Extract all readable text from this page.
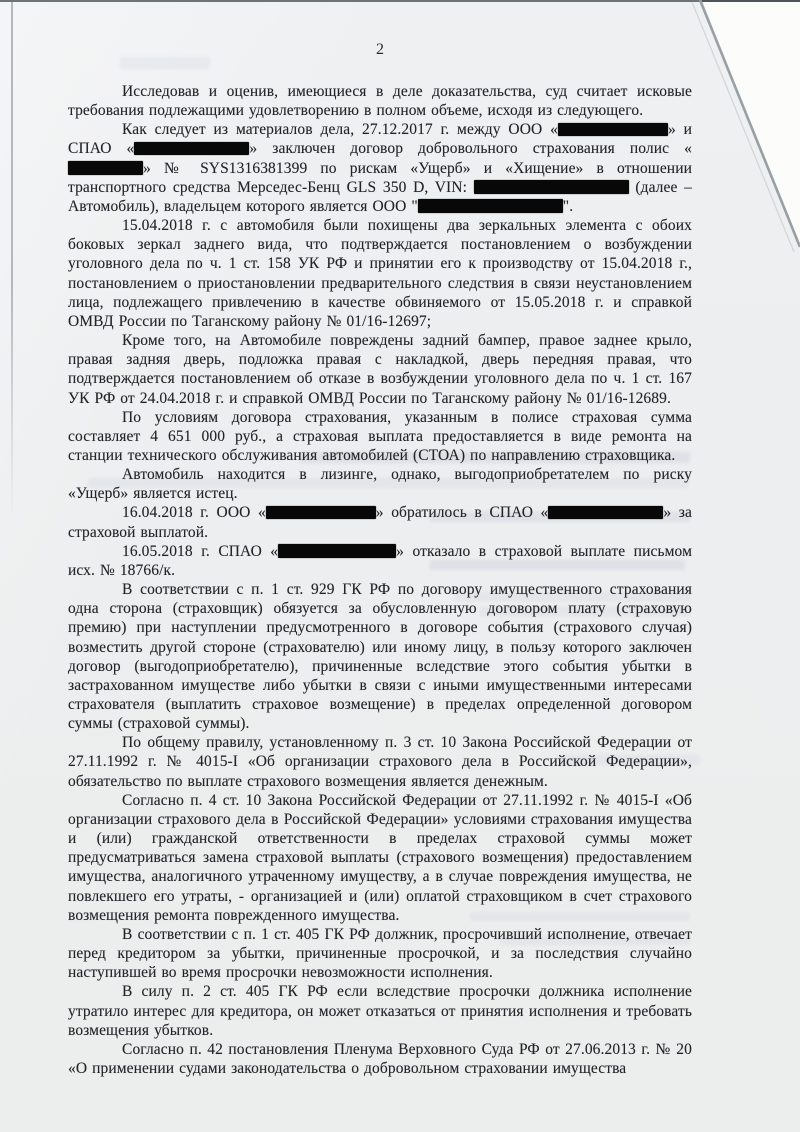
2

Исследовав и оценив, имеющиеся в деле доказательства, суд считает исковые требования подлежащими удовлетворению в полном объеме, исходя из следующего.

Как следует из материалов дела, 27.12.2017 г. между ООО «	» и СПАО «	» заключен договор добровольного страхования полис «» № SYS1316381399 по рискам «Ущерб» и «Хищение» в отношении транспортного средства Мерседес-Бенц GLS 350 D, VIN:	(далее – Автомобиль), владельцем которого является ООО "	".

15.04.2018 г. с автомобиля были похищены два зеркальных элемента с обоих боковых зеркал заднего вида, что подтверждается постановлением о возбуждении уголовного дела по ч. 1 ст. 158 УК РФ и принятии его к производству от 15.04.2018 г., постановлением о приостановлении предварительного следствия в связи неустановлением лица, подлежащего привлечению в качестве обвиняемого от 15.05.2018 г. и справкой ОМВД России по Таганскому району № 01/16-12697;

Кроме того, на Автомобиле повреждены задний бампер, правое заднее крыло, правая задняя дверь, подложка правая с накладкой, дверь передняя правая, что подтверждается постановлением об отказе в возбуждении уголовного дела по ч. 1 ст. 167 УК РФ от 24.04.2018 г. и справкой ОМВД России по Таганскому району № 01/16-12689.

По условиям договора страхования, указанным в полисе страховая сумма составляет 4 651 000 руб., а страховая выплата предоставляется в виде ремонта на станции технического обслуживания автомобилей (СТОА) по направлению страховщика.

Автомобиль находится в лизинге, однако, выгодоприобретателем по риску «Ущерб» является истец.

16.04.2018 г. ООО «	» обратилось в СПАО «	» за страховой выплатой.

16.05.2018 г. СПАО «	» отказало в страховой выплате письмом исх. № 18766/к.

В соответствии с п. 1 ст. 929 ГК РФ по договору имущественного страхования одна сторона (страховщик) обязуется за обусловленную договором плату (страховую премию) при наступлении предусмотренного в договоре события (страхового случая) возместить другой стороне (страхователю) или иному лицу, в пользу которого заключен договор (выгодоприобретателю), причиненные вследствие этого события убытки в застрахованном имуществе либо убытки в связи с иными имущественными интересами страхователя (выплатить страховое возмещение) в пределах определенной договором суммы (страховой суммы).

По общему правилу, установленному п. 3 ст. 10 Закона Российской Федерации от 27.11.1992 г. № 4015-I «Об организации страхового дела в Российской Федерации», обязательство по выплате страхового возмещения является денежным.

Согласно п. 4 ст. 10 Закона Российской Федерации от 27.11.1992 г. № 4015-I «Об организации страхового дела в Российской Федерации» условиями страхования имущества и (или) гражданской ответственности в пределах страховой суммы может предусматриваться замена страховой выплаты (страхового возмещения) предоставлением имущества, аналогичного утраченному имуществу, а в случае повреждения имущества, не повлекшего его утраты, - организацией и (или) оплатой страховщиком в счет страхового возмещения ремонта поврежденного имущества.

В соответствии с п. 1 ст. 405 ГК РФ должник, просрочивший исполнение, отвечает перед кредитором за убытки, причиненные просрочкой, и за последствия случайно наступившей во время просрочки невозможности исполнения.

В силу п. 2 ст. 405 ГК РФ если вследствие просрочки должника исполнение утратило интерес для кредитора, он может отказаться от принятия исполнения и требовать возмещения убытков.

Согласно п. 42 постановления Пленума Верховного Суда РФ от 27.06.2013 г. № 20 «О применении судами законодательства о добровольном страховании имущества
